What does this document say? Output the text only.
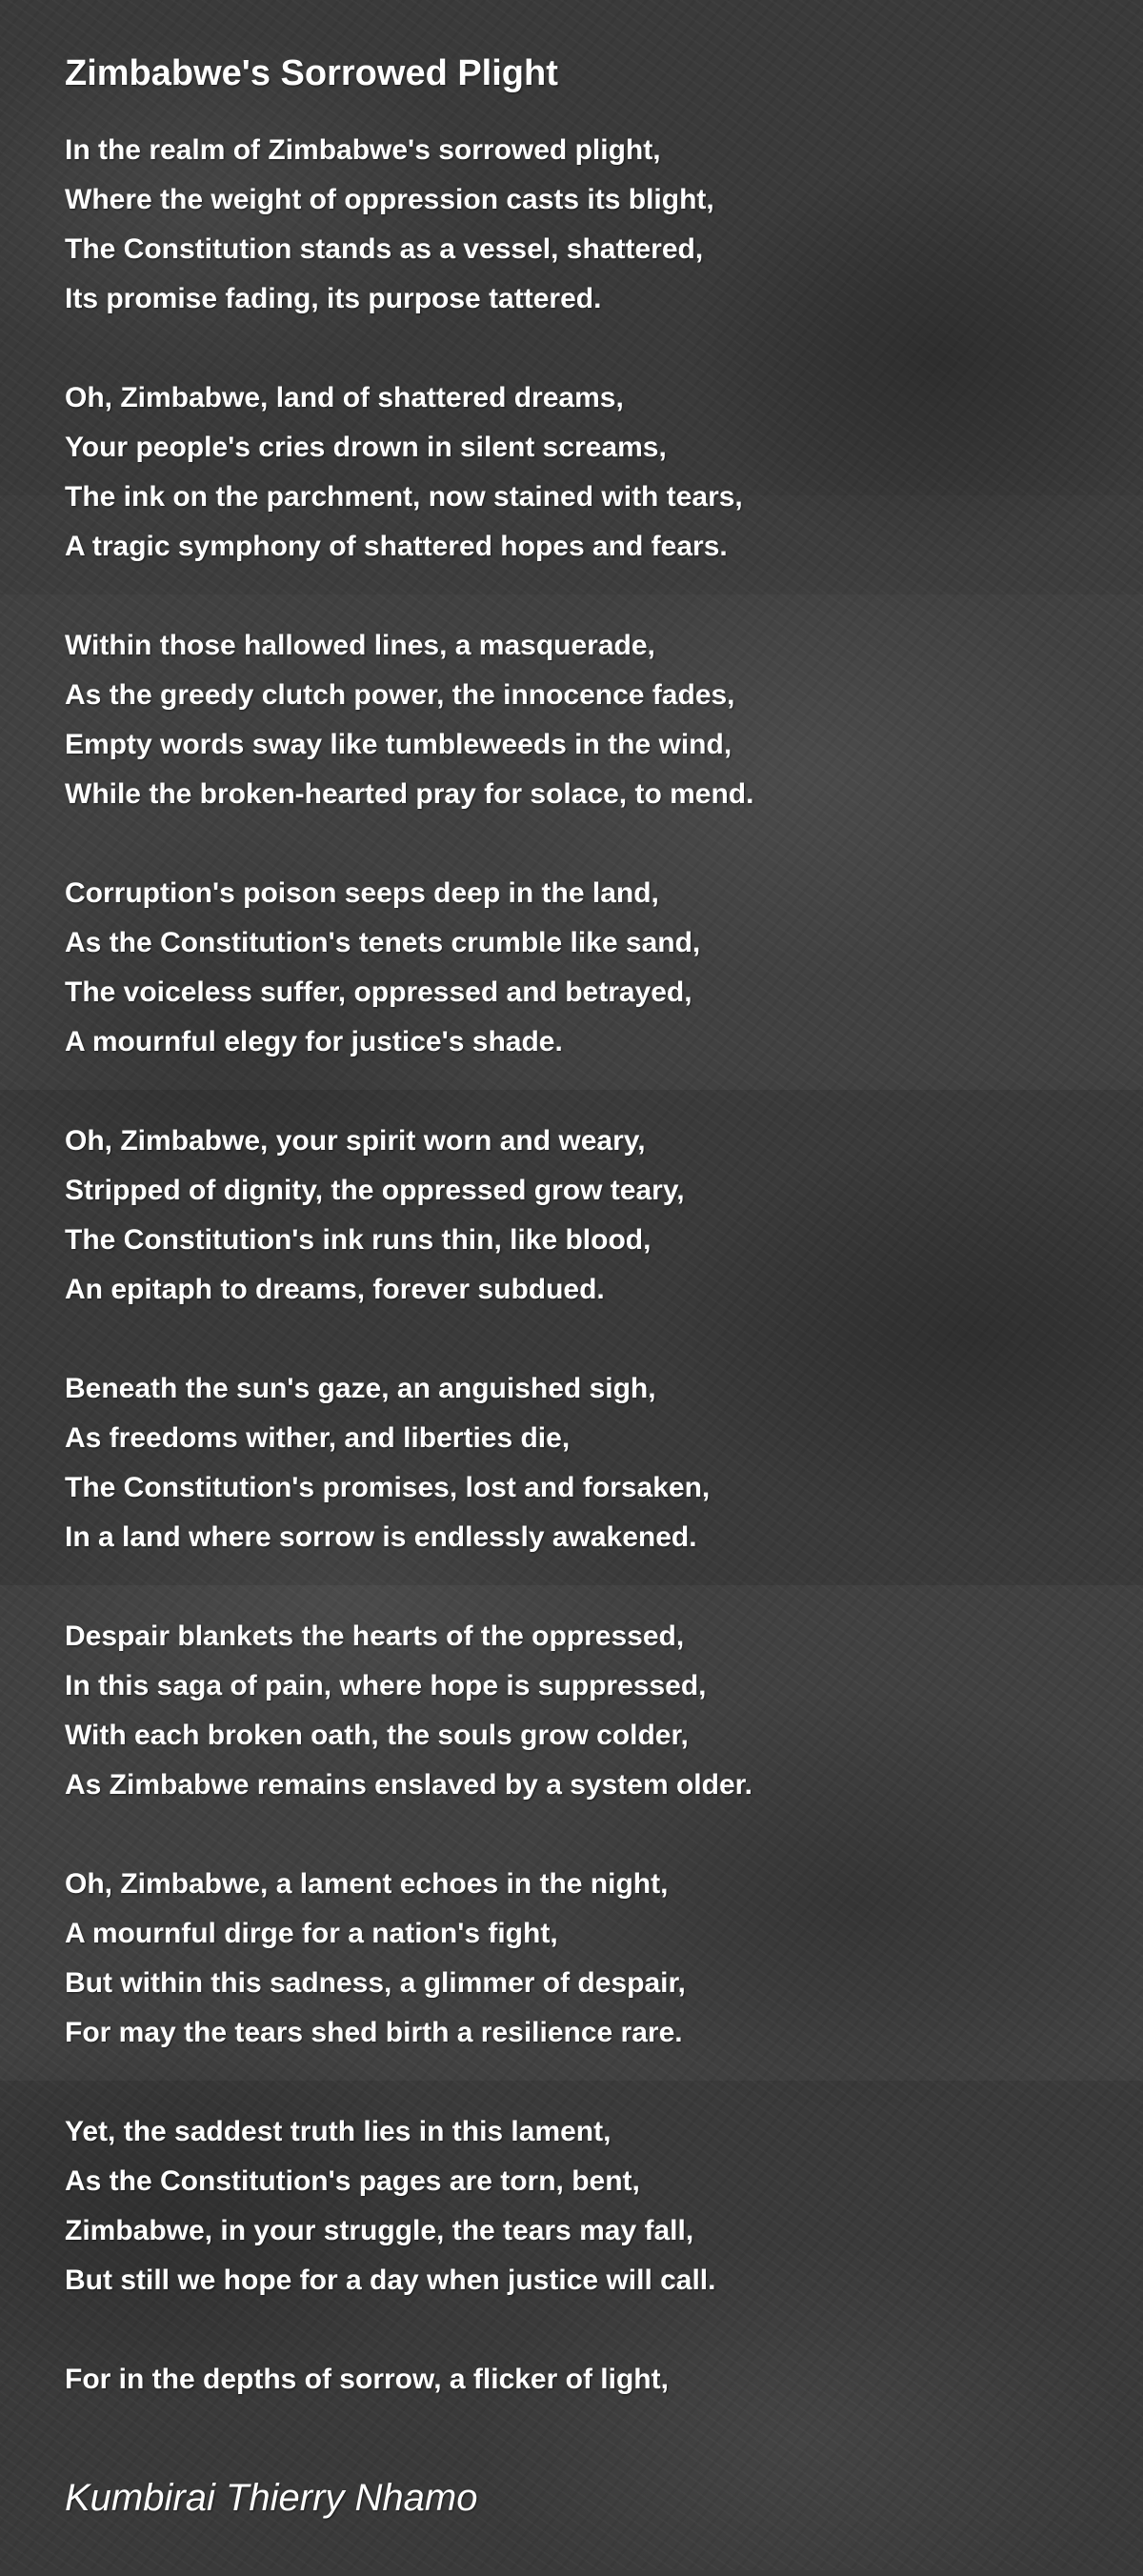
Zimbabwe's Sorrowed Plight
In the realm of Zimbabwe's sorrowed plight,
Where the weight of oppression casts its blight,
The Constitution stands as a vessel, shattered,
Its promise fading, its purpose tattered.
Oh, Zimbabwe, land of shattered dreams,
Your people's cries drown in silent screams,
The ink on the parchment, now stained with tears,
A tragic symphony of shattered hopes and fears.
Within those hallowed lines, a masquerade,
As the greedy clutch power, the innocence fades,
Empty words sway like tumbleweeds in the wind,
While the broken-hearted pray for solace, to mend.
Corruption's poison seeps deep in the land,
As the Constitution's tenets crumble like sand,
The voiceless suffer, oppressed and betrayed,
A mournful elegy for justice's shade.
Oh, Zimbabwe, your spirit worn and weary,
Stripped of dignity, the oppressed grow teary,
The Constitution's ink runs thin, like blood,
An epitaph to dreams, forever subdued.
Beneath the sun's gaze, an anguished sigh,
As freedoms wither, and liberties die,
The Constitution's promises, lost and forsaken,
In a land where sorrow is endlessly awakened.
Despair blankets the hearts of the oppressed,
In this saga of pain, where hope is suppressed,
With each broken oath, the souls grow colder,
As Zimbabwe remains enslaved by a system older.
Oh, Zimbabwe, a lament echoes in the night,
A mournful dirge for a nation's fight,
But within this sadness, a glimmer of despair,
For may the tears shed birth a resilience rare.
Yet, the saddest truth lies in this lament,
As the Constitution's pages are torn, bent,
Zimbabwe, in your struggle, the tears may fall,
But still we hope for a day when justice will call.
For in the depths of sorrow, a flicker of light,
Kumbirai Thierry Nhamo
